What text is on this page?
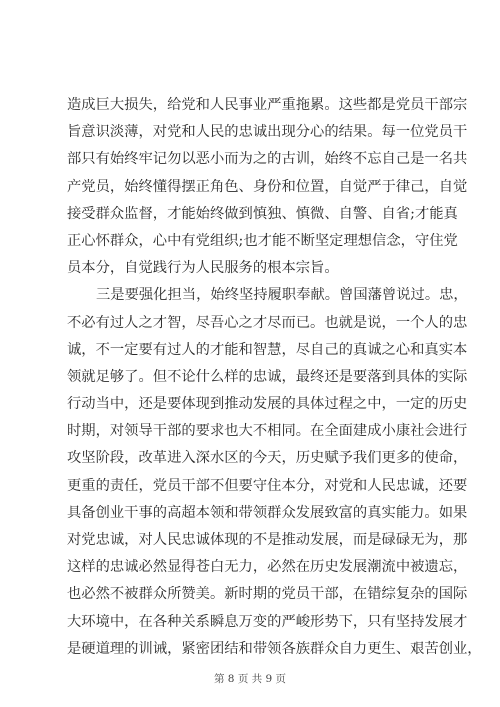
造成巨大损失，给党和人民事业严重拖累。这些都是党员干部宗
旨意识淡薄，对党和人民的忠诚出现分心的结果。每一位党员干
部只有始终牢记勿以恶小而为之的古训，始终不忘自己是一名共
产党员，始终懂得摆正角色、身份和位置，自觉严于律己，自觉
接受群众监督，才能始终做到慎独、慎微、自警、自省;才能真
正心怀群众，心中有党组织;也才能不断坚定理想信念，守住党
员本分，自觉践行为人民服务的根本宗旨。
三是要强化担当，始终坚持履职奉献。曾国藩曾说过。忠，
不必有过人之才智，尽吾心之才尽而已。也就是说，一个人的忠
诚，不一定要有过人的才能和智慧，尽自己的真诚之心和真实本
领就足够了。但不论什么样的忠诚，最终还是要落到具体的实际
行动当中，还是要体现到推动发展的具体过程之中，一定的历史
时期，对领导干部的要求也大不相同。在全面建成小康社会进行
攻坚阶段，改革进入深水区的今天，历史赋予我们更多的使命，
更重的责任，党员干部不但要守住本分，对党和人民忠诚，还要
具备创业干事的高超本领和带领群众发展致富的真实能力。如果
对党忠诚，对人民忠诚体现的不是推动发展，而是碌碌无为，那
这样的忠诚必然显得苍白无力，必然在历史发展潮流中被遗忘，
也必然不被群众所赞美。新时期的党员干部，在错综复杂的国际
大环境中，在各种关系瞬息万变的严峻形势下，只有坚持发展才
是硬道理的训诫，紧密团结和带领各族群众自力更生、艰苦创业，
第 8 页 共 9 页
